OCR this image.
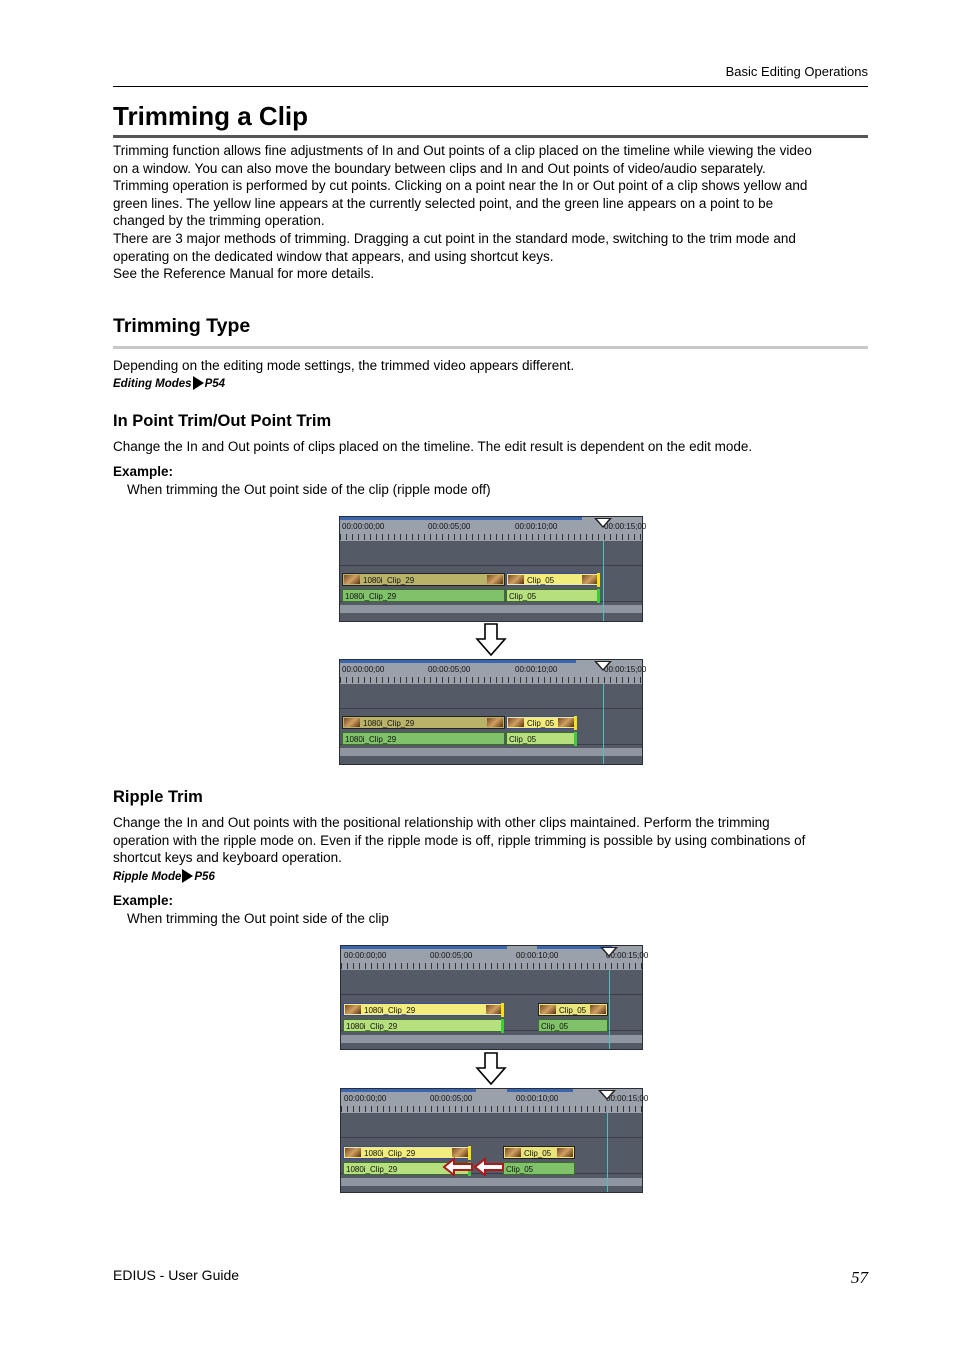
Basic Editing Operations
Trimming a Clip
Trimming function allows fine adjustments of In and Out points of a clip placed on the timeline while viewing the video
on a window. You can also move the boundary between clips and In and Out points of video/audio separately.
Trimming operation is performed by cut points. Clicking on a point near the In or Out point of a clip shows yellow and
green lines. The yellow line appears at the currently selected point, and the green line appears on a point to be
changed by the trimming operation.
There are 3 major methods of trimming. Dragging a cut point in the standard mode, switching to the trim mode and
operating on the dedicated window that appears, and using shortcut keys.
See the Reference Manual for more details.
Trimming Type
Depending on the editing mode settings, the trimmed video appears different.
Editing Modes P54
In Point Trim/Out Point Trim
Change the In and Out points of clips placed on the timeline. The edit result is dependent on the edit mode.
Example:
When trimming the Out point side of the clip (ripple mode off)
00:00:00;00	00:00:05;00	00:00:10;00	00:00:15;00
1080i_Clip_29	Clip_05
1080i_Clip_29	Clip_05
00:00:00;00	00:00:05;00	00:00:10;00	00:00:15;00
1080i_Clip_29	Clip_05
1080i_Clip_29	Clip_05
Ripple Trim
Change the In and Out points with the positional relationship with other clips maintained. Perform the trimming
operation with the ripple mode on. Even if the ripple mode is off, ripple trimming is possible by using combinations of
shortcut keys and keyboard operation.
Ripple Mode P56
Example:
When trimming the Out point side of the clip
00:00:00;00	00:00:05;00	00:00:10;00	00:00:15;00
1080i_Clip_29	Clip_05
1080i_Clip_29	Clip_05
00:00:00;00	00:00:05;00	00:00:10;00	00:00:15;00
1080i_Clip_29	Clip_05
1080i_Clip_29	Clip_05
EDIUS - User Guide	57
